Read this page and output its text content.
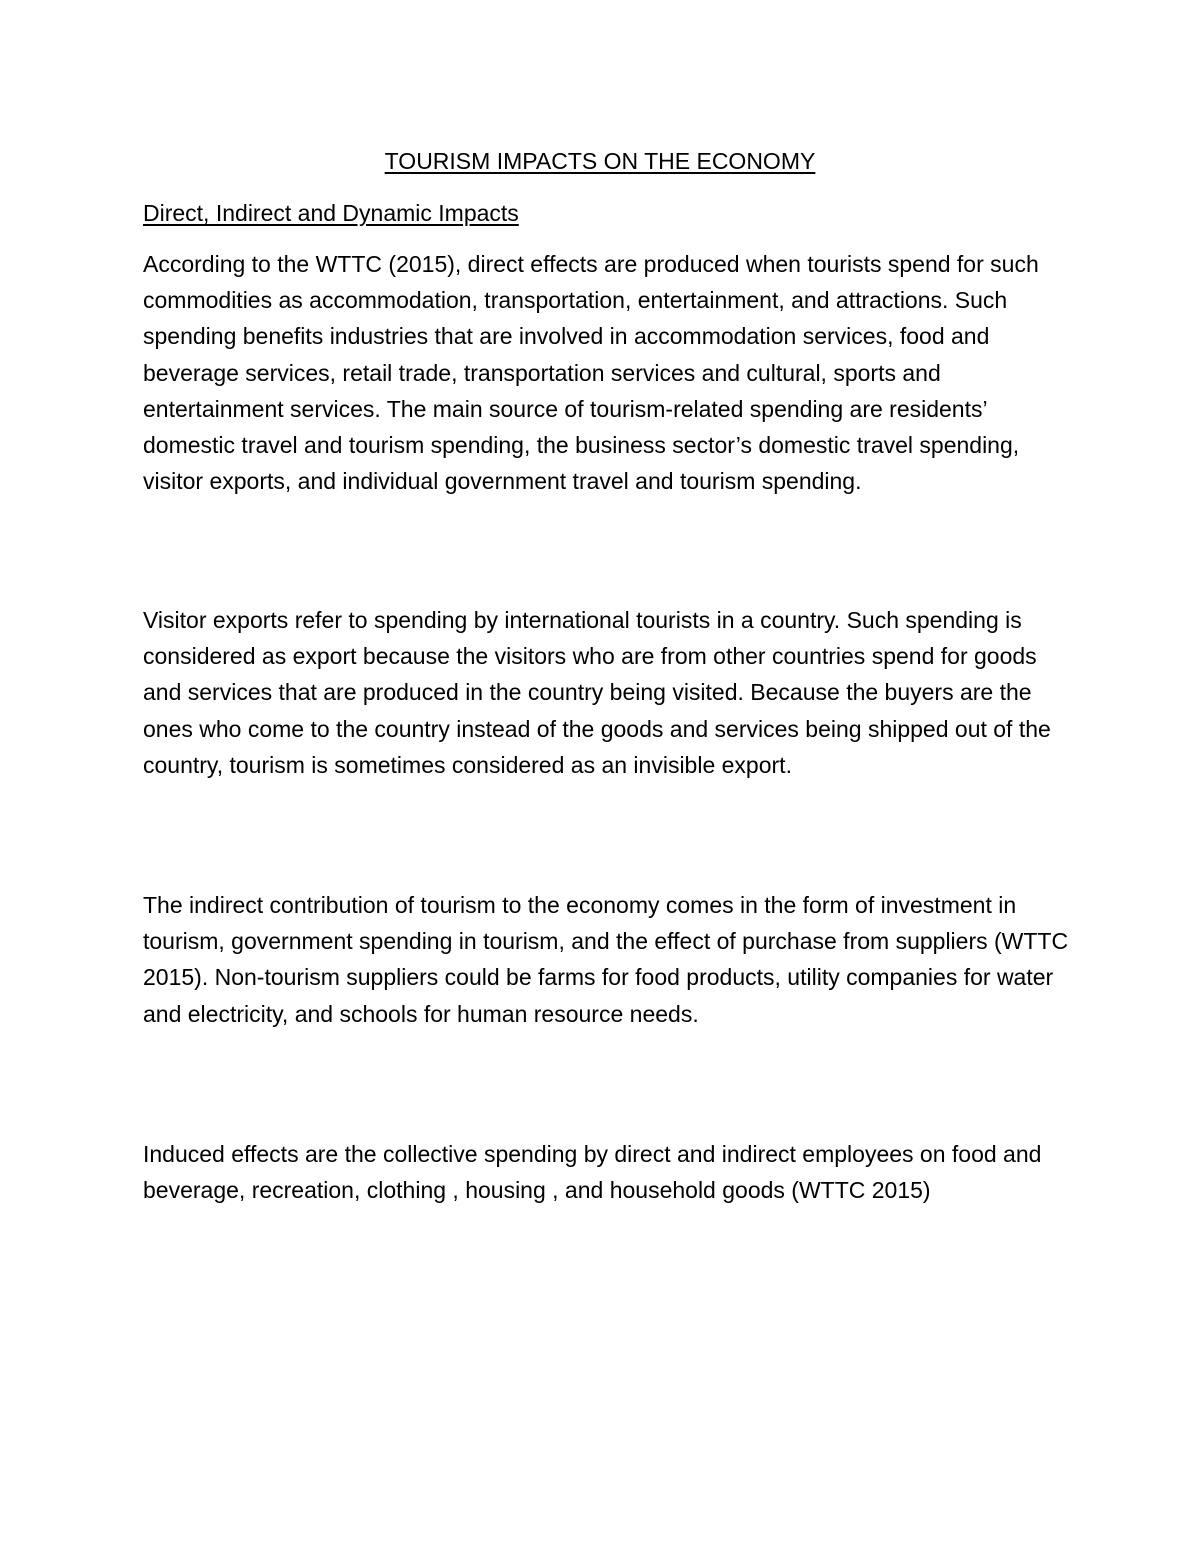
TOURISM IMPACTS ON THE ECONOMY
Direct, Indirect and Dynamic Impacts

According to the WTTC (2015), direct effects are produced when tourists spend for such commodities as accommodation, transportation, entertainment, and attractions. Such spending benefits industries that are involved in accommodation services, food and beverage services, retail trade, transportation services and cultural, sports and entertainment services. The main source of tourism-related spending are residents’ domestic travel and tourism spending, the business sector’s domestic travel spending, visitor exports, and individual government travel and tourism spending.

Visitor exports refer to spending by international tourists in a country. Such spending is considered as export because the visitors who are from other countries spend for goods and services that are produced in the country being visited. Because the buyers are the ones who come to the country instead of the goods and services being shipped out of the country, tourism is sometimes considered as an invisible export.

The indirect contribution of tourism to the economy comes in the form of investment in tourism, government spending in tourism, and the effect of purchase from suppliers (WTTC 2015). Non-tourism suppliers could be farms for food products, utility companies for water and electricity, and schools for human resource needs.

Induced effects are the collective spending by direct and indirect employees on food and beverage, recreation, clothing , housing , and household goods (WTTC 2015)
